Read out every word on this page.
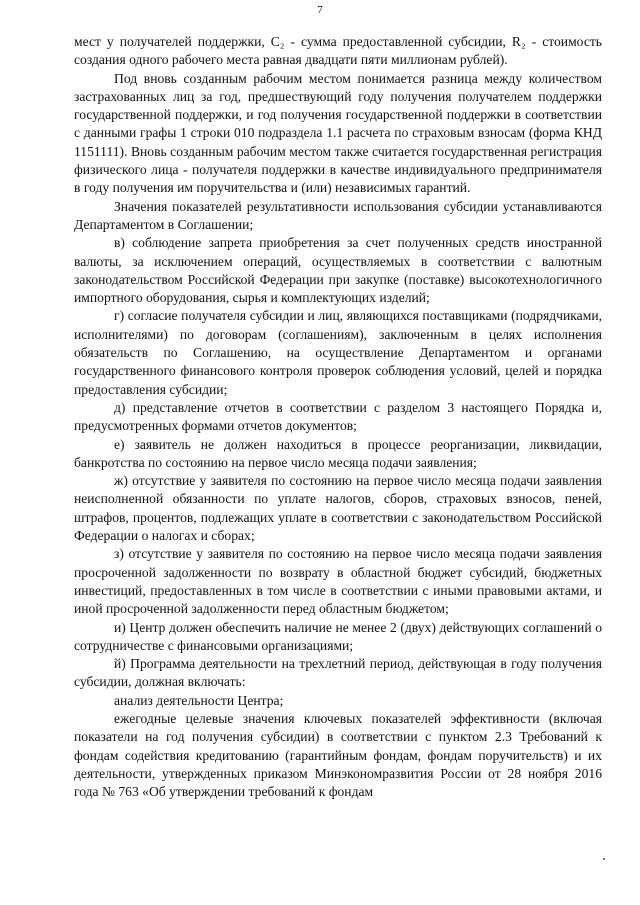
7

мест у получателей поддержки, C₂ - сумма предоставленной субсидии, R₂ - стоимость создания одного рабочего места равная двадцати пяти миллионам рублей).

Под вновь созданным рабочим местом понимается разница между количеством застрахованных лиц за год, предшествующий году получения получателем поддержки государственной поддержки, и год получения государственной поддержки в соответствии с данными графы 1 строки 010 подраздела 1.1 расчета по страховым взносам (форма КНД 1151111). Вновь созданным рабочим местом также считается государственная регистрация физического лица - получателя поддержки в качестве индивидуального предпринимателя в году получения им поручительства и (или) независимых гарантий.

Значения показателей результативности использования субсидии устанавливаются Департаментом в Соглашении;

в) соблюдение запрета приобретения за счет полученных средств иностранной валюты, за исключением операций, осуществляемых в соответствии с валютным законодательством Российской Федерации при закупке (поставке) высокотехнологичного импортного оборудования, сырья и комплектующих изделий;

г) согласие получателя субсидии и лиц, являющихся поставщиками (подрядчиками, исполнителями) по договорам (соглашениям), заключенным в целях исполнения обязательств по Соглашению, на осуществление Департаментом и органами государственного финансового контроля проверок соблюдения условий, целей и порядка предоставления субсидии;

д) представление отчетов в соответствии с разделом 3 настоящего Порядка и, предусмотренных формами отчетов документов;

е) заявитель не должен находиться в процессе реорганизации, ликвидации, банкротства по состоянию на первое число месяца подачи заявления;

ж) отсутствие у заявителя по состоянию на первое число месяца подачи заявления неисполненной обязанности по уплате налогов, сборов, страховых взносов, пеней, штрафов, процентов, подлежащих уплате в соответствии с законодательством Российской Федерации о налогах и сборах;

з) отсутствие у заявителя по состоянию на первое число месяца подачи заявления просроченной задолженности по возврату в областной бюджет субсидий, бюджетных инвестиций, предоставленных в том числе в соответствии с иными правовыми актами, и иной просроченной задолженности перед областным бюджетом;

и) Центр должен обеспечить наличие не менее 2 (двух) действующих соглашений о сотрудничестве с финансовыми организациями;

й) Программа деятельности на трехлетний период, действующая в году получения субсидии, должная включать:

анализ деятельности Центра;

ежегодные целевые значения ключевых показателей эффективности (включая показатели на год получения субсидии) в соответствии с пунктом 2.3 Требований к фондам содействия кредитованию (гарантийным фондам, фондам поручительств) и их деятельности, утвержденных приказом Минэкономразвития России от 28 ноября 2016 года № 763 «Об утверждении требований к фондам
